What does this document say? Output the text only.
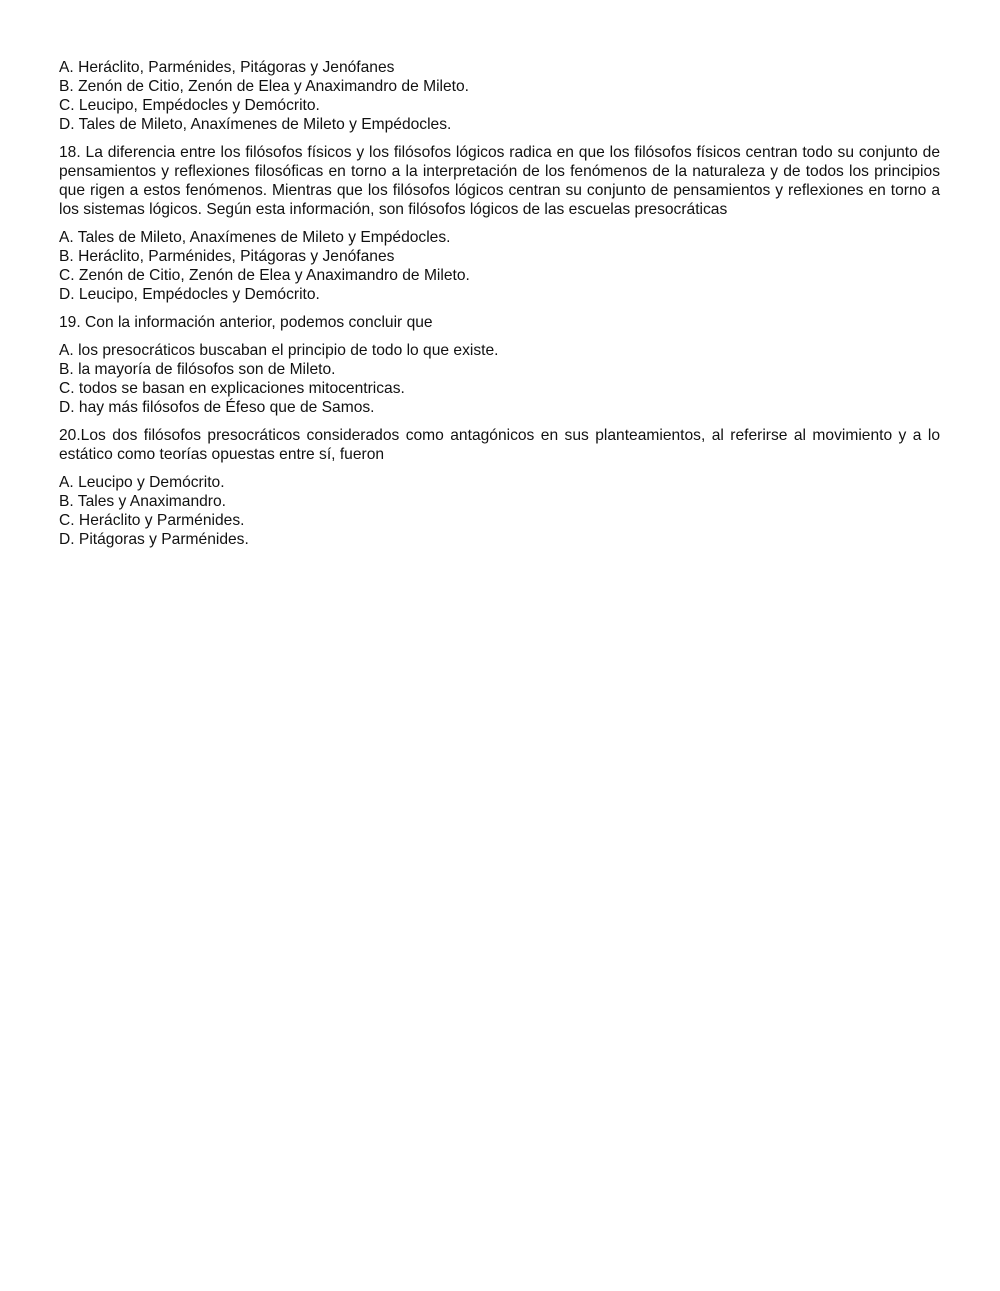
A. Heráclito, Parménides, Pitágoras y Jenófanes
B. Zenón de Citio, Zenón de Elea y Anaximandro de Mileto.
C. Leucipo, Empédocles y Demócrito.
D. Tales de Mileto, Anaxímenes de Mileto y Empédocles.
18. La diferencia entre los filósofos físicos y los filósofos lógicos radica en que los filósofos físicos centran todo su conjunto de pensamientos y reflexiones filosóficas en torno a la interpretación de los fenómenos de la naturaleza y de todos los principios que rigen a estos fenómenos. Mientras que los filósofos lógicos centran su conjunto de pensamientos y reflexiones en torno a los sistemas lógicos. Según esta información, son filósofos lógicos de las escuelas presocráticas
A. Tales de Mileto, Anaxímenes de Mileto y Empédocles.
B. Heráclito, Parménides, Pitágoras y Jenófanes
C. Zenón de Citio, Zenón de Elea y Anaximandro de Mileto.
D. Leucipo, Empédocles y Demócrito.
19. Con la información anterior, podemos concluir que
A. los presocráticos buscaban el principio de todo lo que existe.
B. la mayoría de filósofos son de Mileto.
C. todos se basan en explicaciones mitocentricas.
D. hay más filósofos de Éfeso que de Samos.
20.Los dos filósofos presocráticos considerados como antagónicos en sus planteamientos, al referirse al movimiento y a lo estático como teorías opuestas entre sí, fueron
A. Leucipo y Demócrito.
B. Tales y Anaximandro.
C. Heráclito y Parménides.
D. Pitágoras y Parménides.
